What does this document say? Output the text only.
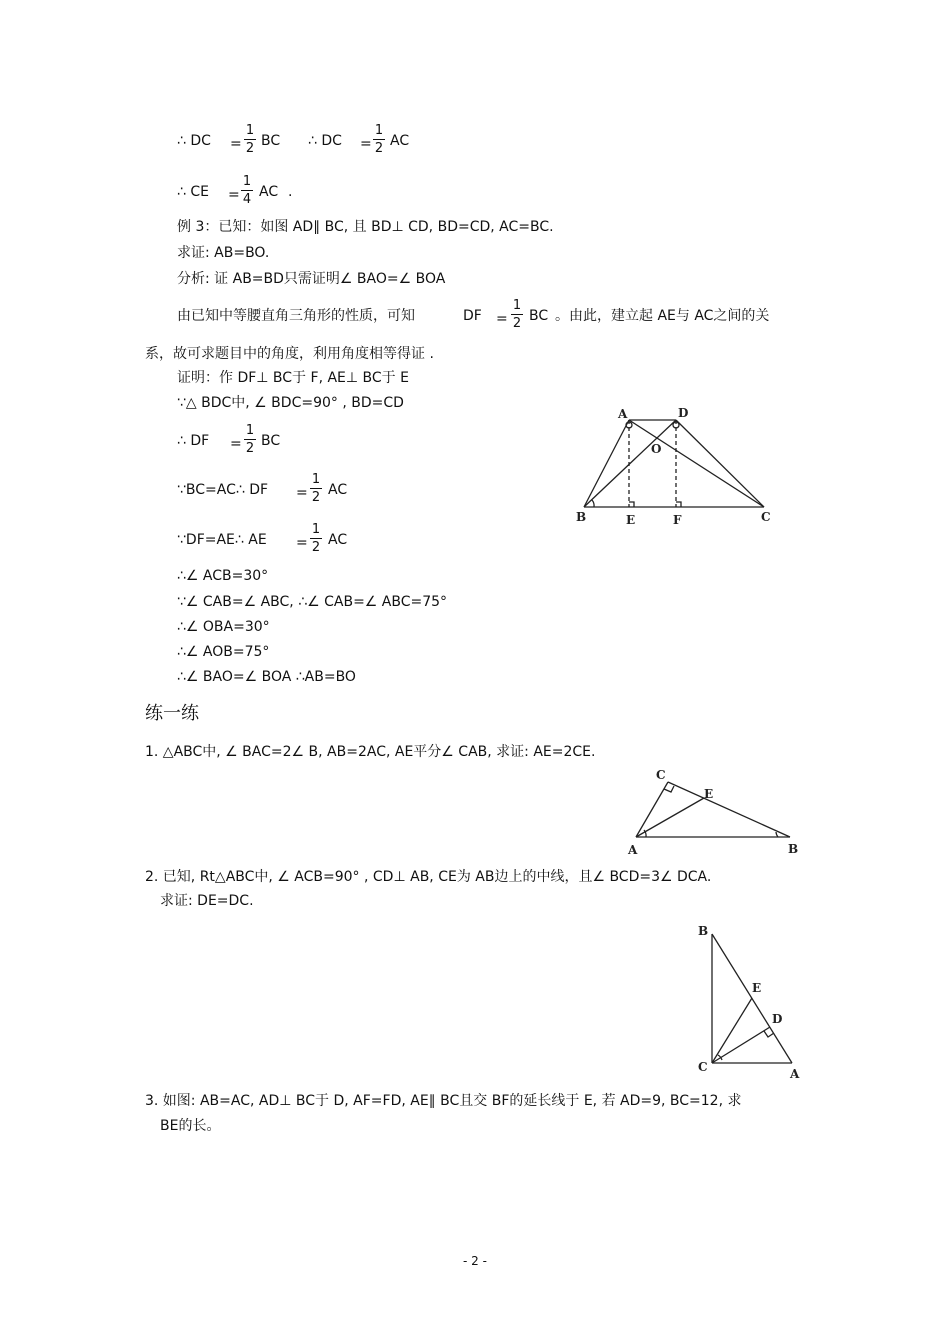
∴ DC = $\frac{1}{2}$ BC ∴ DC = $\frac{1}{2}$ AC
∴ CE = $\frac{1}{4}$ AC .
例 3：已知：如图 AD∥ BC, 且 BD⊥ CD, BD=CD, AC=BC.
求证: AB=BO.
分析: 证 AB=BD只需证明∠ BAO=∠ BOA
由已知中等腰直角三角形的性质，可知	DF = $\frac{1}{2}$ BC 。由此，建立起 AE与 AC之间的关
系，故可求题目中的角度，利用角度相等得证 .
证明：作 DF⊥ BC于 F, AE⊥ BC于 E
∵△ BDC中, ∠ BDC=90° , BD=CD
∴ DF = $\frac{1}{2}$ BC
∵BC=AC∴ DF = $\frac{1}{2}$ AC
∵DF=AE∴ AE = $\frac{1}{2}$ AC
∴∠ ACB=30°
∵∠ CAB=∠ ABC, ∴∠ CAB=∠ ABC=75°
∴∠ OBA=30°
∴∠ AOB=75°
∴∠ BAO=∠ BOA ∴AB=BO
A	D
O
B	E	F	C
练一练
1. △ABC中, ∠ BAC=2∠ B, AB=2AC, AE平分∠ CAB, 求证: AE=2CE.
C
E
A	B
2. 已知, Rt△ABC中, ∠ ACB=90° , CD⊥ AB, CE为 AB边上的中线，且∠ BCD=3∠ DCA.
求证: DE=DC.
B
E
D
C	A
3. 如图: AB=AC, AD⊥ BC于 D, AF=FD, AE∥ BC且交 BF的延长线于 E, 若 AD=9, BC=12, 求
BE的长。
- 2 -
